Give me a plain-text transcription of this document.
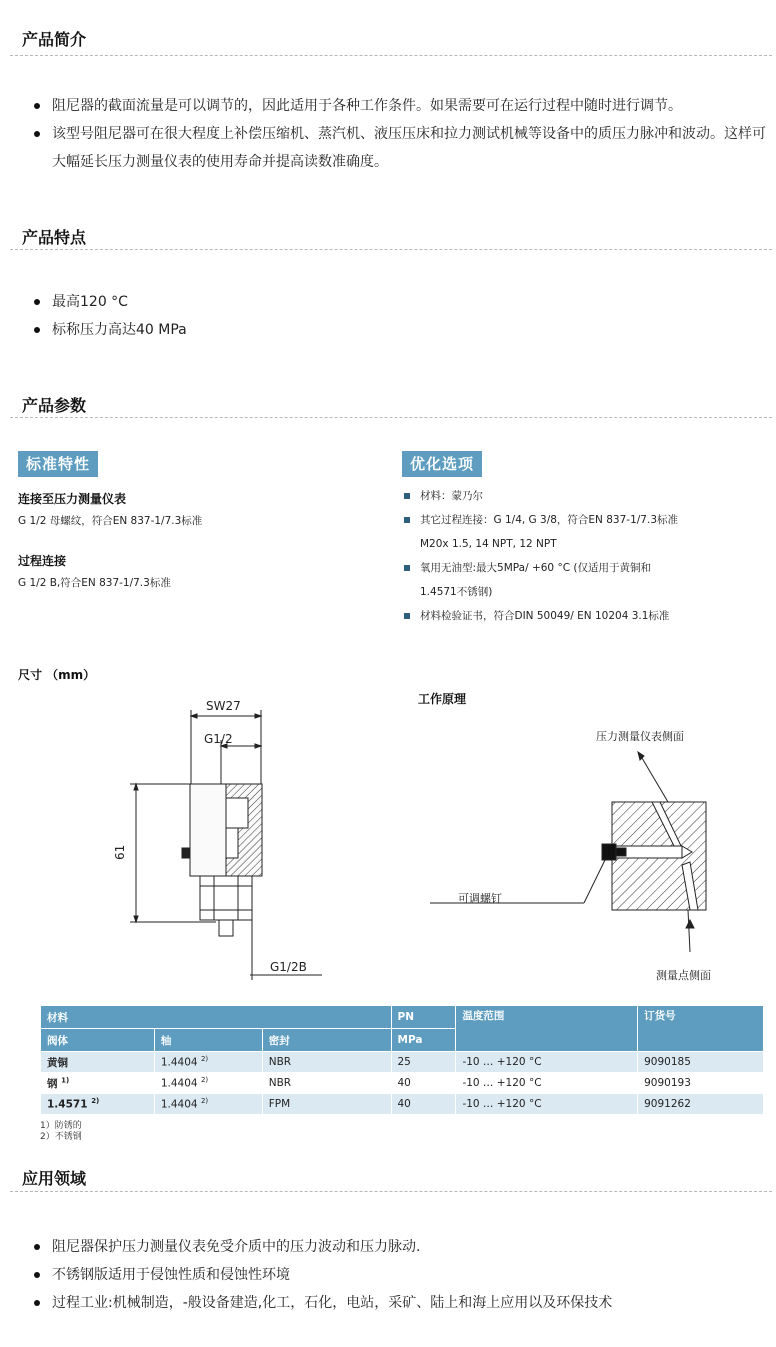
产品简介
阻尼器的截面流量是可以调节的，因此适用于各种工作条件。如果需要可在运行过程中随时进行调节。
该型号阻尼器可在很大程度上补偿压缩机、蒸汽机、液压压床和拉力测试机械等设备中的质压力脉冲和波动。这样可大幅延长压力测量仪表的使用寿命并提高读数准确度。
产品特点
最高120 °C
标称压力高达40 MPa
产品参数
标准特性
连接至压力测量仪表
G 1/2 母螺纹，符合EN 837-1/7.3标准
过程连接
G 1/2 B,符合EN 837-1/7.3标准
优化选项
材料：蒙乃尔
其它过程连接：G 1/4, G 3/8，符合EN 837-1/7.3标准
M20x 1.5, 14 NPT, 12 NPT
氧用无油型:最大5MPa/ +60 °C (仅适用于黄铜和
1.4571不锈钢)
材料检验证书，符合DIN 50049/ EN 10204 3.1标准
尺寸 （mm）
SW27
G1/2
61
G1/2B
工作原理
压力测量仪表侧面
可调螺钉
测量点侧面
材料			PN	温度范围	订货号
阀体	轴	密封	MPa		
黄铜	1.4404 $^{2)}$	NBR	25	-10 … +120 °C	9090185
钢 $^{1)}$	1.4404 $^{2)}$	NBR	40	-10 … +120 °C	9090193
1.4571 $^{2)}$	1.4404 $^{2)}$	FPM	40	-10 … +120 °C	9091262
1）防锈的
2）不锈钢
应用领域
阻尼器保护压力测量仪表免受介质中的压力波动和压力脉动.
不锈钢版适用于侵蚀性质和侵蚀性环境
过程工业:机械制造，-般设备建造,化工，石化，电站，采矿、陆上和海上应用以及环保技术
